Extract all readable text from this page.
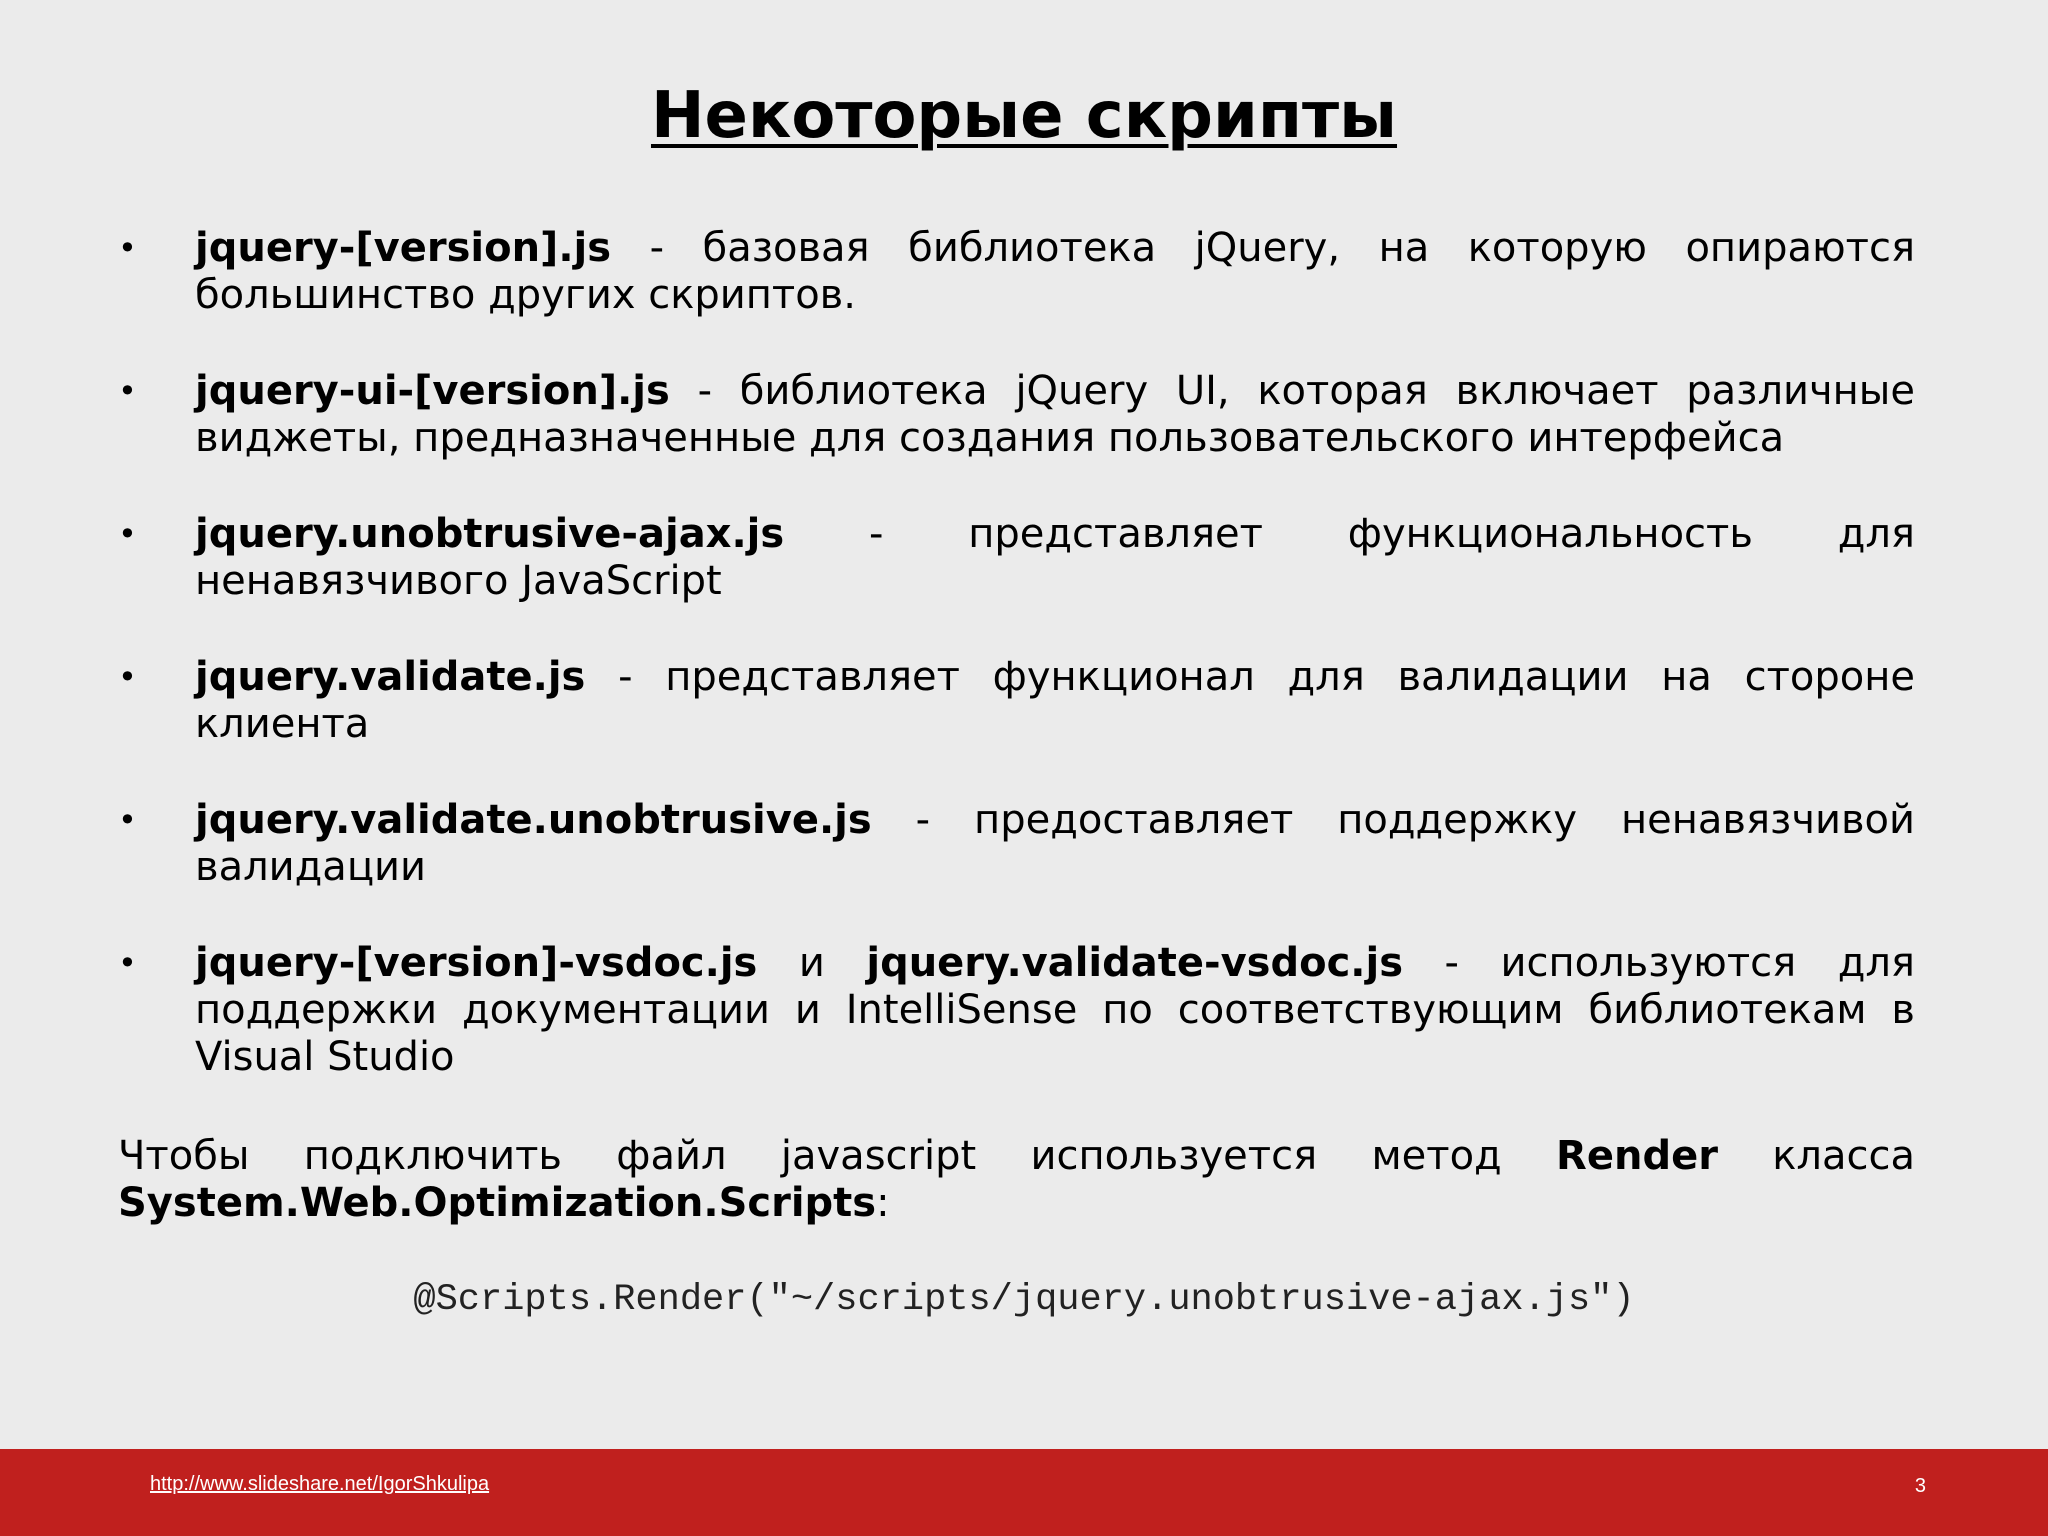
Некоторые скрипты
• jquery-[version].js - базовая библиотека jQuery, на которую опираются большинство других скриптов.
• jquery-ui-[version].js - библиотека jQuery UI, которая включает различные виджеты, предназначенные для создания пользовательского интерфейса
• jquery.unobtrusive-ajax.js - представляет функциональность для ненавязчивого JavaScript
• jquery.validate.js - представляет функционал для валидации на стороне клиента
• jquery.validate.unobtrusive.js - предоставляет поддержку ненавязчивой валидации
• jquery-[version]-vsdoc.js и jquery.validate-vsdoc.js - используются для поддержки документации и IntelliSense по соответствующим библиотекам в Visual Studio

Чтобы подключить файл javascript используется метод Render класса System.Web.Optimization.Scripts:

@Scripts.Render("~/scripts/jquery.unobtrusive-ajax.js")
http://www.slideshare.net/IgorShkulipa	3
